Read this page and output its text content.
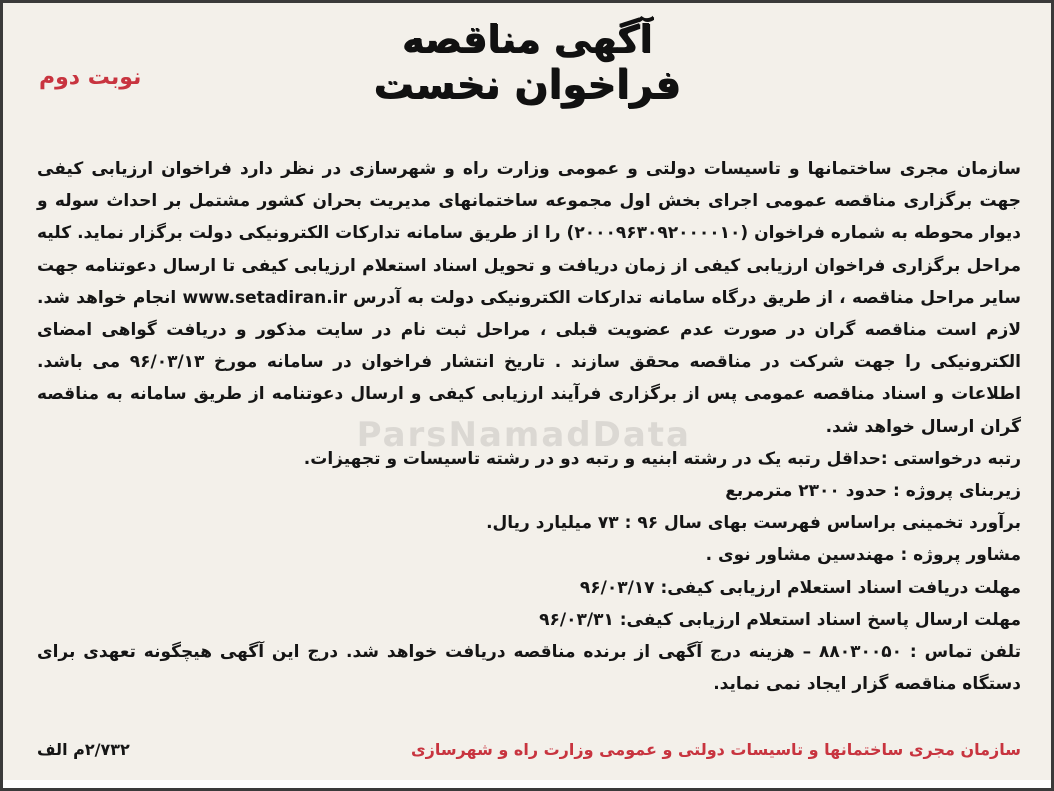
آگهی مناقصه
فراخوان نخست
نوبت دوم
ParsNamadData

سازمان مجری ساختمانها و تاسیسات دولتی و عمومی وزارت راه و شهرسازی در نظر دارد فراخوان ارزیابی کیفی جهت برگزاری مناقصه عمومی اجرای بخش اول مجموعه ساختمانهای مدیریت بحران کشور مشتمل بر احداث سوله و دیوار محوطه به شماره فراخوان (۲۰۰۰۹۶۳۰۹۲۰۰۰۰۱۰) را از طریق سامانه تدارکات الکترونیکی دولت برگزار نماید. کلیه مراحل برگزاری فراخوان ارزیابی کیفی از زمان دریافت و تحویل اسناد استعلام ارزیابی کیفی تا ارسال دعوتنامه جهت سایر مراحل مناقصه ، از طریق درگاه سامانه تدارکات الکترونیکی دولت به آدرس www.setadiran.ir انجام خواهد شد. لازم است مناقصه گران در صورت عدم عضویت قبلی ، مراحل ثبت نام در سایت مذکور و دریافت گواهی امضای الکترونیکی را جهت شرکت در مناقصه محقق سازند . تاریخ انتشار فراخوان در سامانه مورخ ۹۶/۰۳/۱۳ می باشد. اطلاعات و اسناد مناقصه عمومی پس از برگزاری فرآیند ارزیابی کیفی و ارسال دعوتنامه از طریق سامانه به مناقصه گران ارسال خواهد شد.

رتبه درخواستی :حداقل رتبه یک در رشته ابنیه و رتبه دو در رشته تاسیسات و تجهیزات.
زیربنای پروژه : حدود ۲۳۰۰ مترمربع
برآورد تخمینی براساس فهرست بهای سال ۹۶ : ۷۳ میلیارد ریال.
مشاور پروژه : مهندسین مشاور نوی .
مهلت دریافت اسناد استعلام ارزیابی کیفی: ۹۶/۰۳/۱۷
مهلت ارسال پاسخ اسناد استعلام ارزیابی کیفی: ۹۶/۰۳/۳۱
تلفن تماس : ۸۸۰۳۰۰۵۰ – هزینه درج آگهی از برنده مناقصه دریافت خواهد شد. درج این آگهی هیچگونه تعهدی برای دستگاه مناقصه گزار ایجاد نمی نماید.
سازمان مجری ساختمانها و تاسیسات دولتی و عمومی وزارت راه و شهرسازی
۲/۷۳۲م الف
